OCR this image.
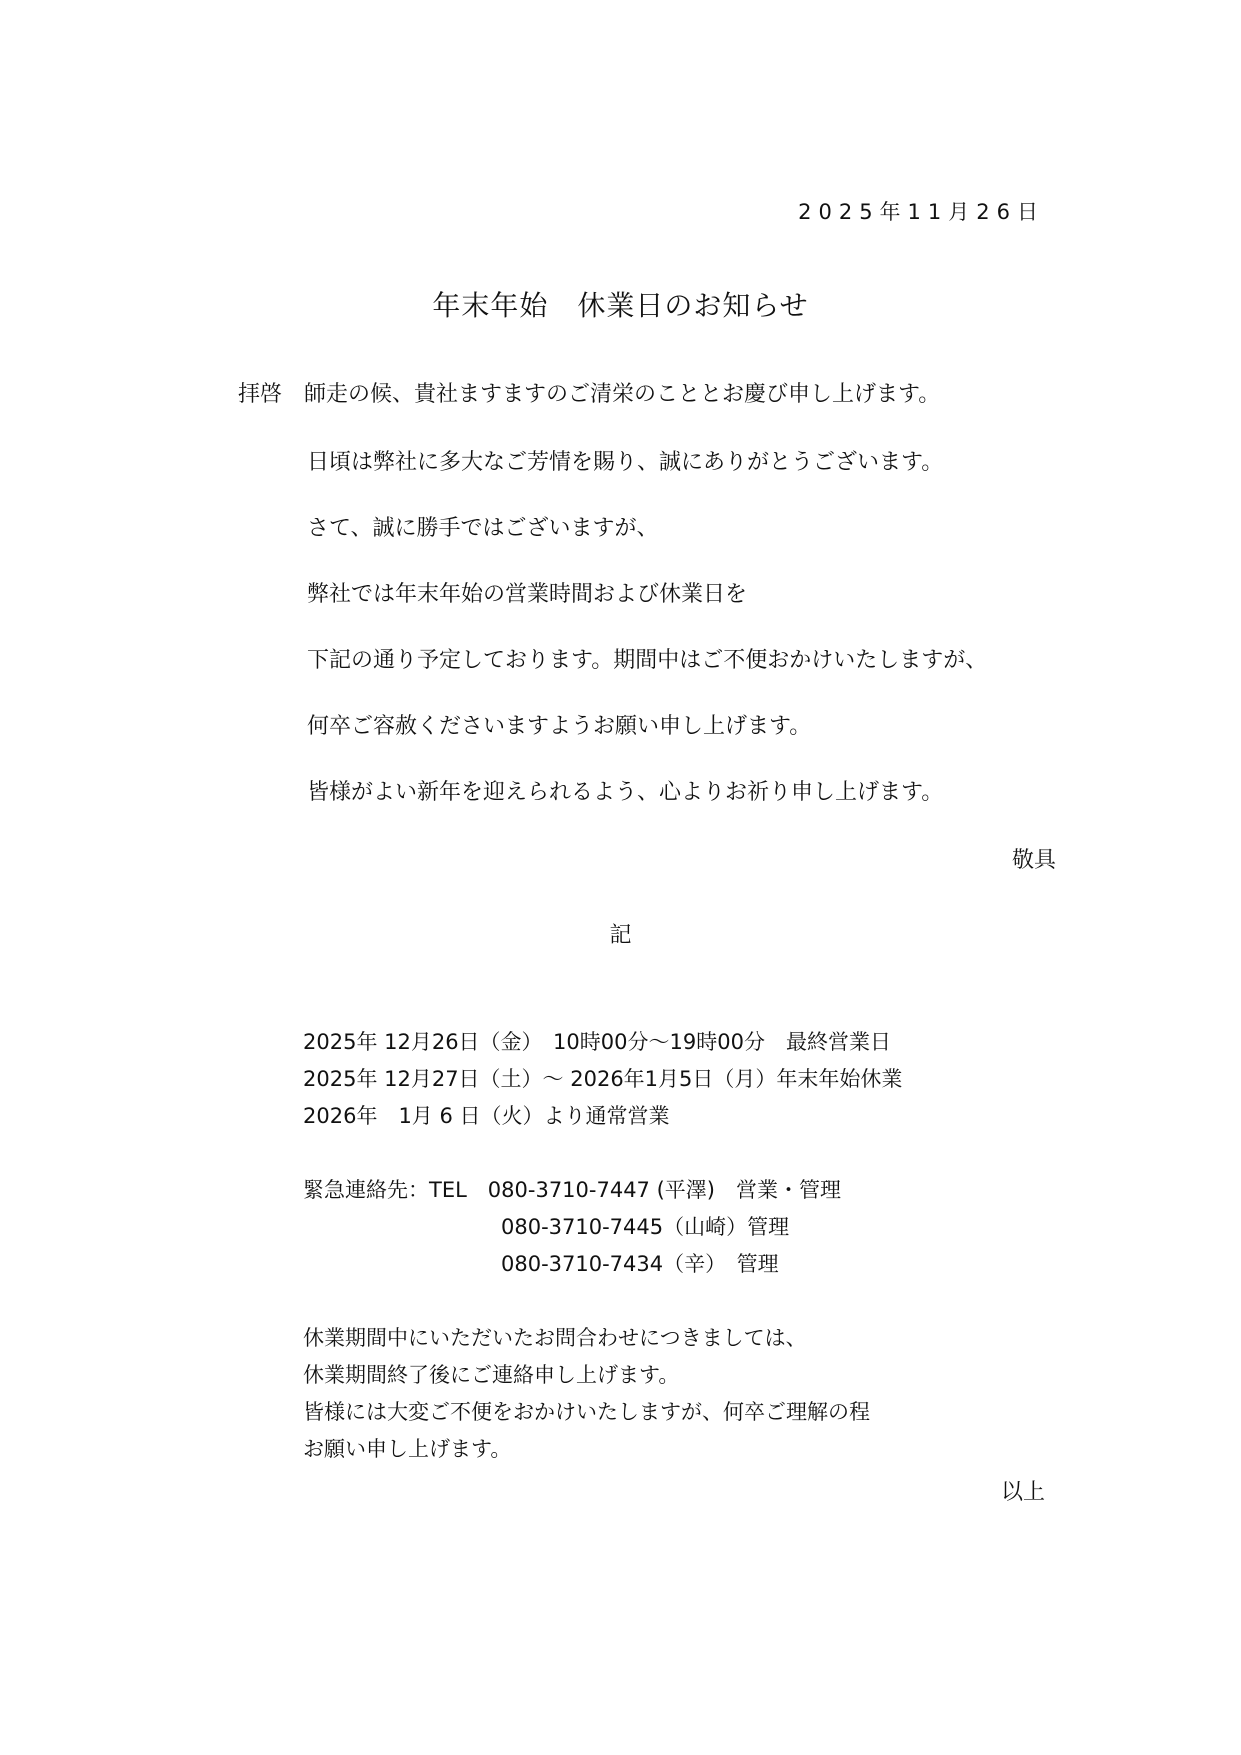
2025年11月26日
年末年始　休業日のお知らせ
拝啓　師走の候、貴社ますますのご清栄のこととお慶び申し上げます。
日頃は弊社に多大なご芳情を賜り、誠にありがとうございます。
さて、誠に勝手ではございますが、
弊社では年末年始の営業時間および休業日を
下記の通り予定しております。期間中はご不便おかけいたしますが、
何卒ご容赦くださいますようお願い申し上げます。
皆様がよい新年を迎えられるよう、心よりお祈り申し上げます。
敬具
記
2025年 12月26日（金）　10時00分～19時00分　最終営業日
2025年 12月27日（土）～ 2026年1月5日（月）年末年始休業
2026年　1月 6 日（火）より通常営業
緊急連絡先：TEL　080-3710-7447 (平澤)　営業・管理
080-3710-7445（山崎）管理
080-3710-7434（辛）　管理
休業期間中にいただいたお問合わせにつきましては、
休業期間終了後にご連絡申し上げます。
皆様には大変ご不便をおかけいたしますが、何卒ご理解の程
お願い申し上げます。
以上
